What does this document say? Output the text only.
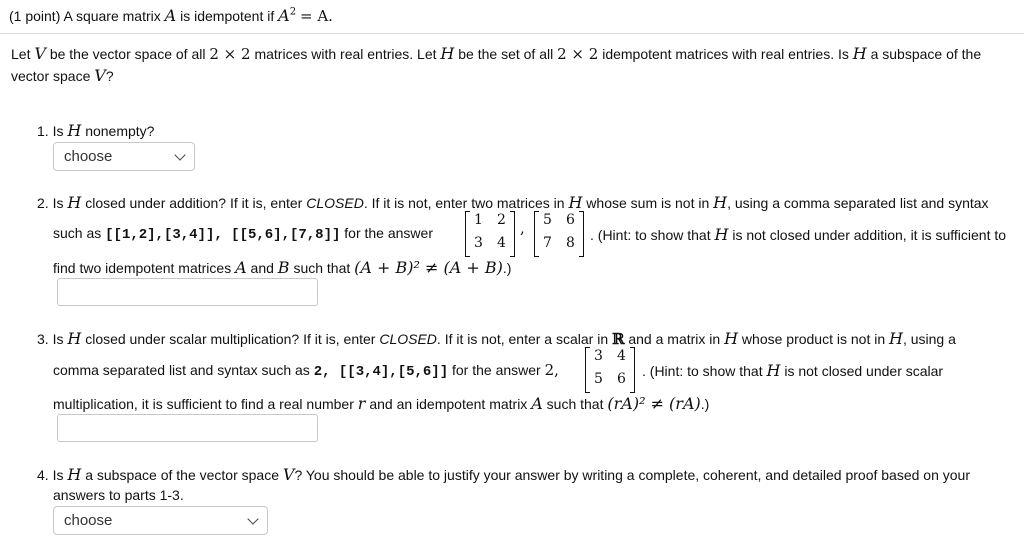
(1 point) A square matrix A is idempotent if $A^2 = A$.
Let V be the vector space of all 2 × 2 matrices with real entries. Let H be the set of all 2 × 2 idempotent matrices with real entries. Is H a subspace of the
vector space V?
1. Is H nonempty?
choose
2. Is H closed under addition? If it is, enter CLOSED. If it is not, enter two matrices in H whose sum is not in H, using a comma separated list and syntax
such as [[1,2],[3,4]], [[5,6],[7,8]] for the answer
1 2
3 4
, 5 6
7 8 . (Hint: to show that H is not closed under addition, it is sufficient to
find two idempotent matrices A and B such that (A + B)² ≠ (A + B).)
3. Is H closed under scalar multiplication? If it is, enter CLOSED. If it is not, enter a scalar in ℝ and a matrix in H whose product is not in H, using a
comma separated list and syntax such as 2, [[3,4],[5,6]] for the answer 2,
3 4
5 6 . (Hint: to show that H is not closed under scalar
multiplication, it is sufficient to find a real number r and an idempotent matrix A such that (rA)² ≠ (rA).)
4. Is H a subspace of the vector space V? You should be able to justify your answer by writing a complete, coherent, and detailed proof based on your
answers to parts 1-3.
choose
